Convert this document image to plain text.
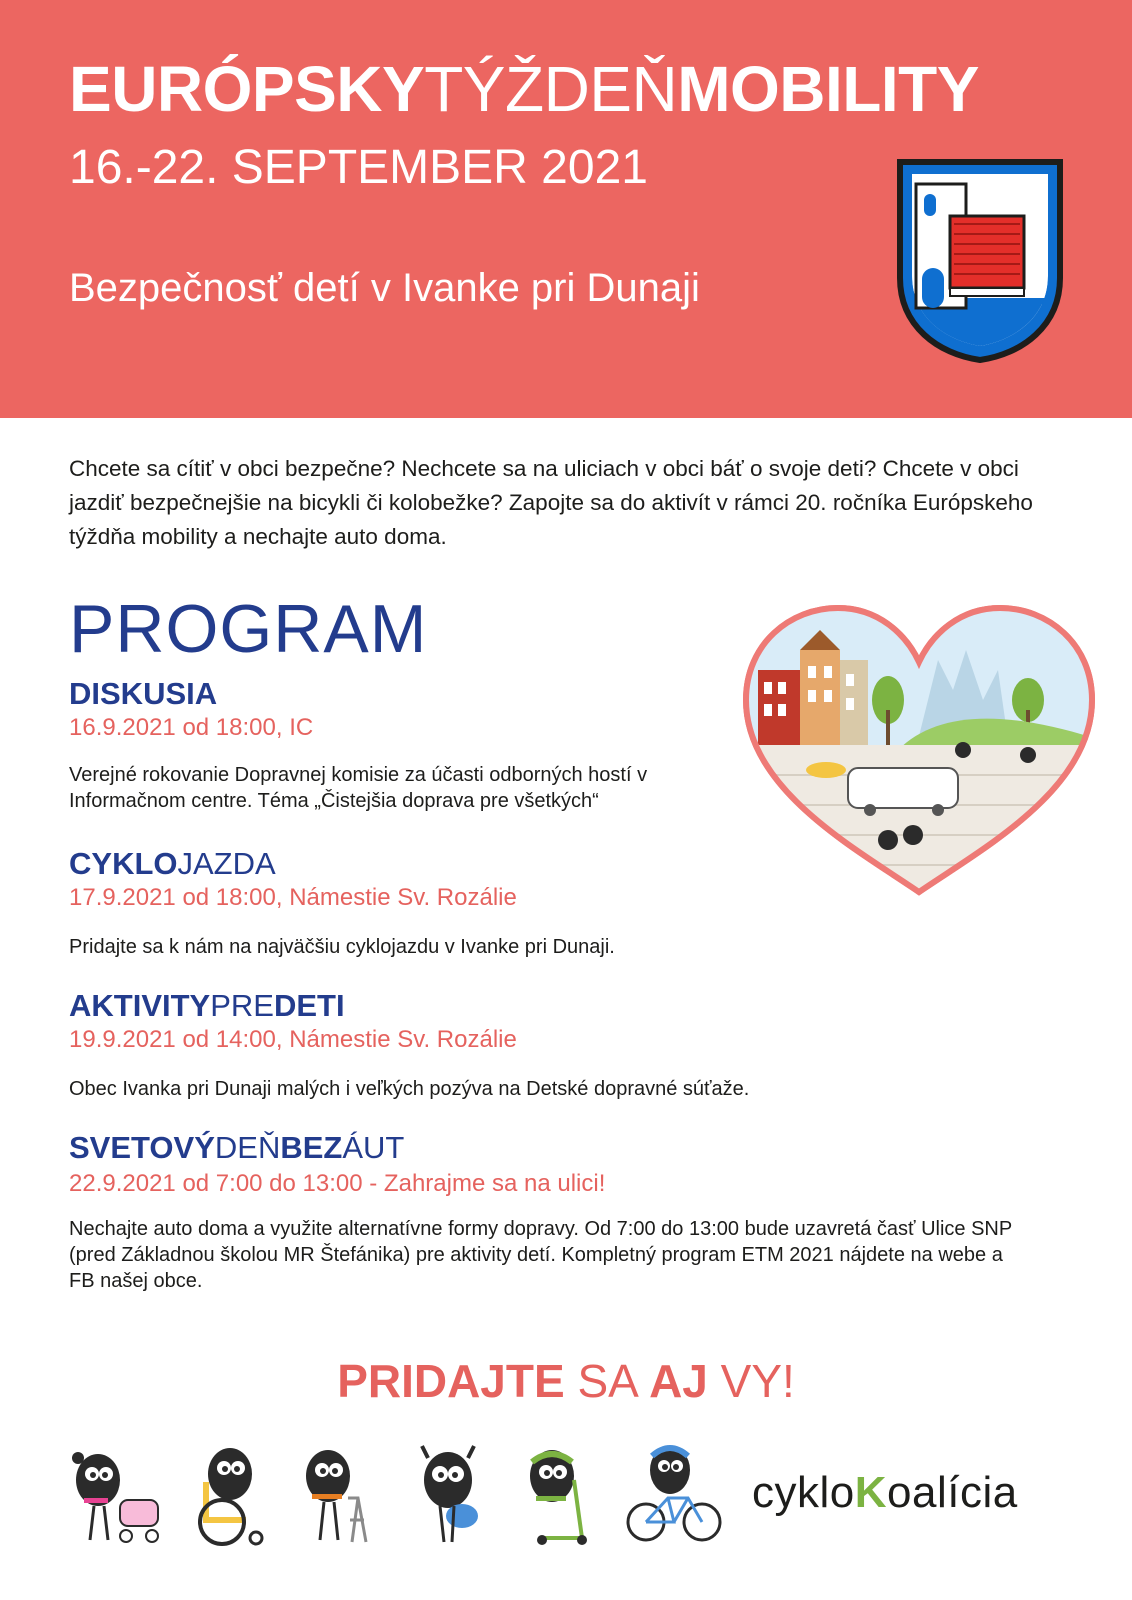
EURÓPSKYTÝŽDEŇMOBILITY
16.-22. SEPTEMBER 2021
Bezpečnosť detí v Ivanke pri Dunaji
Chcete sa cítiť v obci bezpečne? Nechcete sa na uliciach v obci báť o svoje deti? Chcete v obci jazdiť bezpečnejšie na bicykli či kolobežke? Zapojte sa do aktivít v rámci 20. ročníka Európskeho týždňa mobility a nechajte auto doma.
PROGRAM
DISKUSIA
16.9.2021 od 18:00, IC
Verejné rokovanie Dopravnej komisie za účasti odborných hostí v Informačnom centre. Téma „Čistejšia doprava pre všetkých“
CYKLOJAZDA
17.9.2021 od 18:00, Námestie Sv. Rozálie
Pridajte sa k nám na najväčšiu cyklojazdu v Ivanke pri Dunaji.
AKTIVITYPREDETI
19.9.2021 od 14:00, Námestie Sv. Rozálie
Obec Ivanka pri Dunaji malých i veľkých pozýva na Detské dopravné súťaže.
SVETOVÝDEŇBEZÁUT
22.9.2021 od 7:00 do 13:00 - Zahrajme sa na ulici!
Nechajte auto doma a využite alternatívne formy dopravy. Od 7:00 do 13:00 bude uzavretá časť Ulice SNP (pred Základnou školou MR Štefánika) pre aktivity detí. Kompletný program ETM 2021 nájdete na webe a FB našej obce.
PRIDAJTE SA AJ VY!
cykloKoalícia
